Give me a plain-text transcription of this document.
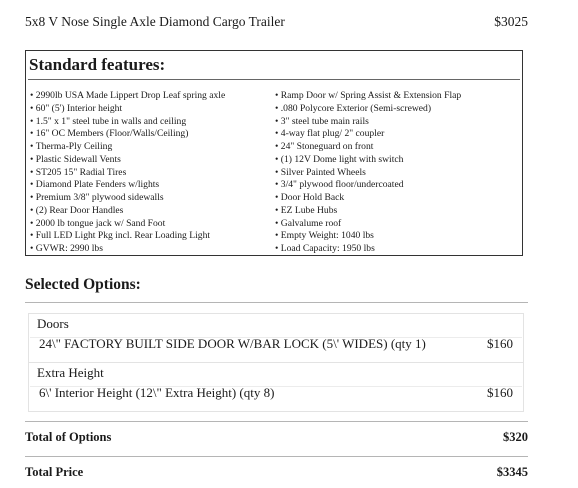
5x8 V Nose Single Axle Diamond Cargo Trailer	$3025
Standard features:
• 2990lb USA Made Lippert Drop Leaf spring axle
• 60" (5') Interior height
• 1.5" x 1" steel tube in walls and ceiling
• 16" OC Members (Floor/Walls/Ceiling)
• Therma-Ply Ceiling
• Plastic Sidewall Vents
• ST205 15" Radial Tires
• Diamond Plate Fenders w/lights
• Premium 3/8" plywood sidewalls
• (2) Rear Door Handles
• 2000 lb tongue jack w/ Sand Foot
• Full LED Light Pkg incl. Rear Loading Light
• GVWR: 2990 lbs
• Ramp Door w/ Spring Assist & Extension Flap
• .080 Polycore Exterior (Semi-screwed)
• 3" steel tube main rails
• 4-way flat plug/ 2" coupler
• 24" Stoneguard on front
• (1) 12V Dome light with switch
• Silver Painted Wheels
• 3/4" plywood floor/undercoated
• Door Hold Back
• EZ Lube Hubs
• Galvalume roof
• Empty Weight: 1040 lbs
• Load Capacity: 1950 lbs
Selected Options:
Doors
24\" FACTORY BUILT SIDE DOOR W/BAR LOCK (5\' WIDES) (qty 1)	$160
Extra Height
6\' Interior Height (12\" Extra Height) (qty 8)	$160
Total of Options	$320
Total Price	$3345
